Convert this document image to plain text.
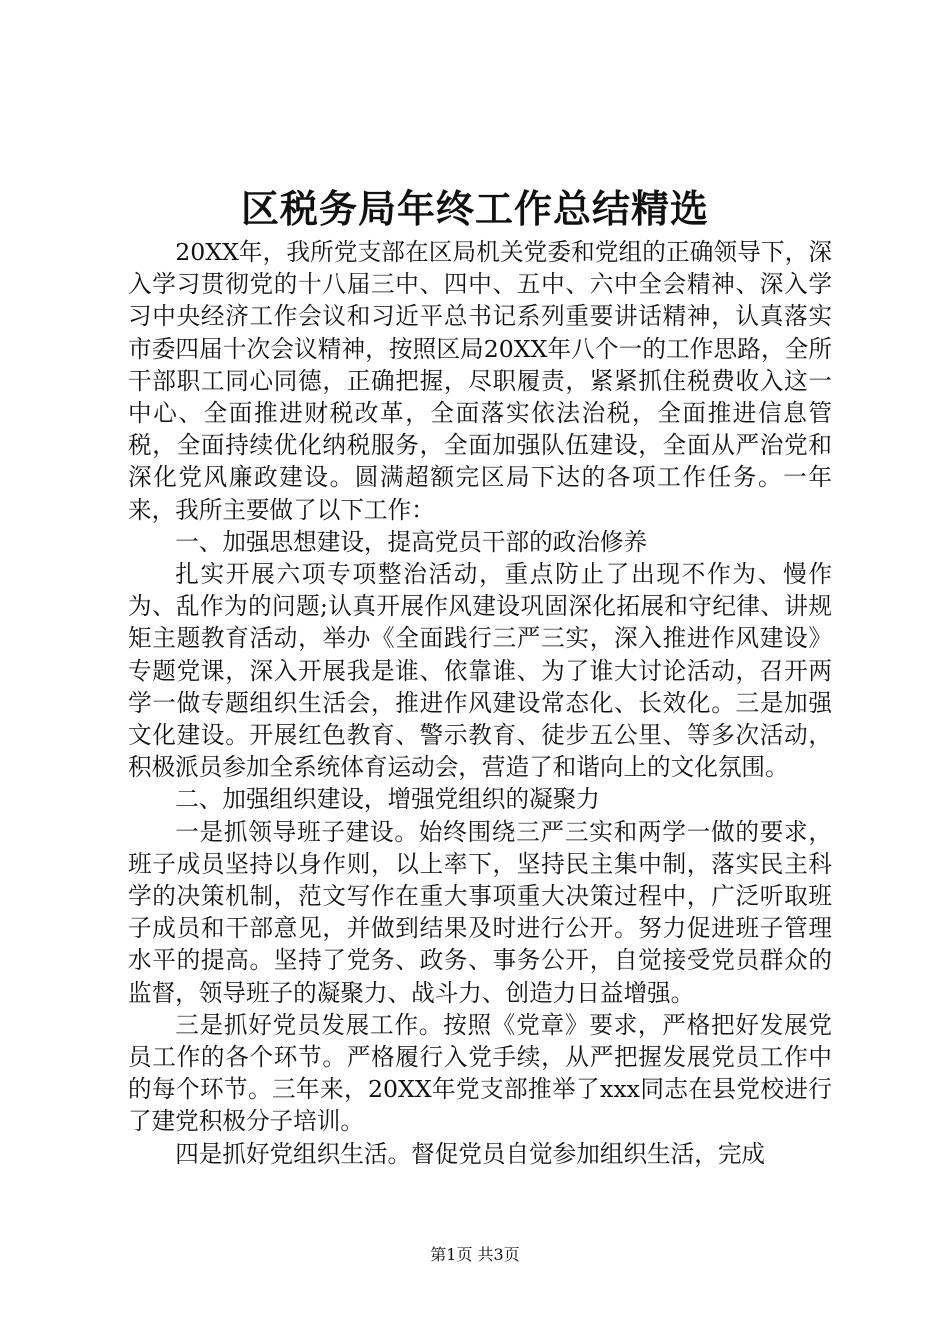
区税务局年终工作总结精选

20XX年，我所党支部在区局机关党委和党组的正确领导下，深入学习贯彻党的十八届三中、四中、五中、六中全会精神、深入学习中央经济工作会议和习近平总书记系列重要讲话精神，认真落实市委四届十次会议精神，按照区局20XX年八个一的工作思路，全所干部职工同心同德，正确把握，尽职履责，紧紧抓住税费收入这一中心、全面推进财税改革，全面落实依法治税，全面推进信息管税，全面持续优化纳税服务，全面加强队伍建设，全面从严治党和深化党风廉政建设。圆满超额完区局下达的各项工作任务。一年来，我所主要做了以下工作：

一、加强思想建设，提高党员干部的政治修养

扎实开展六项专项整治活动，重点防止了出现不作为、慢作为、乱作为的问题;认真开展作风建设巩固深化拓展和守纪律、讲规矩主题教育活动，举办《全面践行三严三实，深入推进作风建设》专题党课，深入开展我是谁、依靠谁、为了谁大讨论活动，召开两学一做专题组织生活会，推进作风建设常态化、长效化。三是加强文化建设。开展红色教育、警示教育、徒步五公里、等多次活动，积极派员参加全系统体育运动会，营造了和谐向上的文化氛围。

二、加强组织建设，增强党组织的凝聚力

一是抓领导班子建设。始终围绕三严三实和两学一做的要求，班子成员坚持以身作则，以上率下，坚持民主集中制，落实民主科学的决策机制，范文写作在重大事项重大决策过程中，广泛听取班子成员和干部意见，并做到结果及时进行公开。努力促进班子管理水平的提高。坚持了党务、政务、事务公开，自觉接受党员群众的监督，领导班子的凝聚力、战斗力、创造力日益增强。

三是抓好党员发展工作。按照《党章》要求，严格把好发展党员工作的各个环节。严格履行入党手续，从严把握发展党员工作中的每个环节。三年来，20XX年党支部推举了xxx同志在县党校进行了建党积极分子培训。

四是抓好党组织生活。督促党员自觉参加组织生活，完成

第1页 共3页
